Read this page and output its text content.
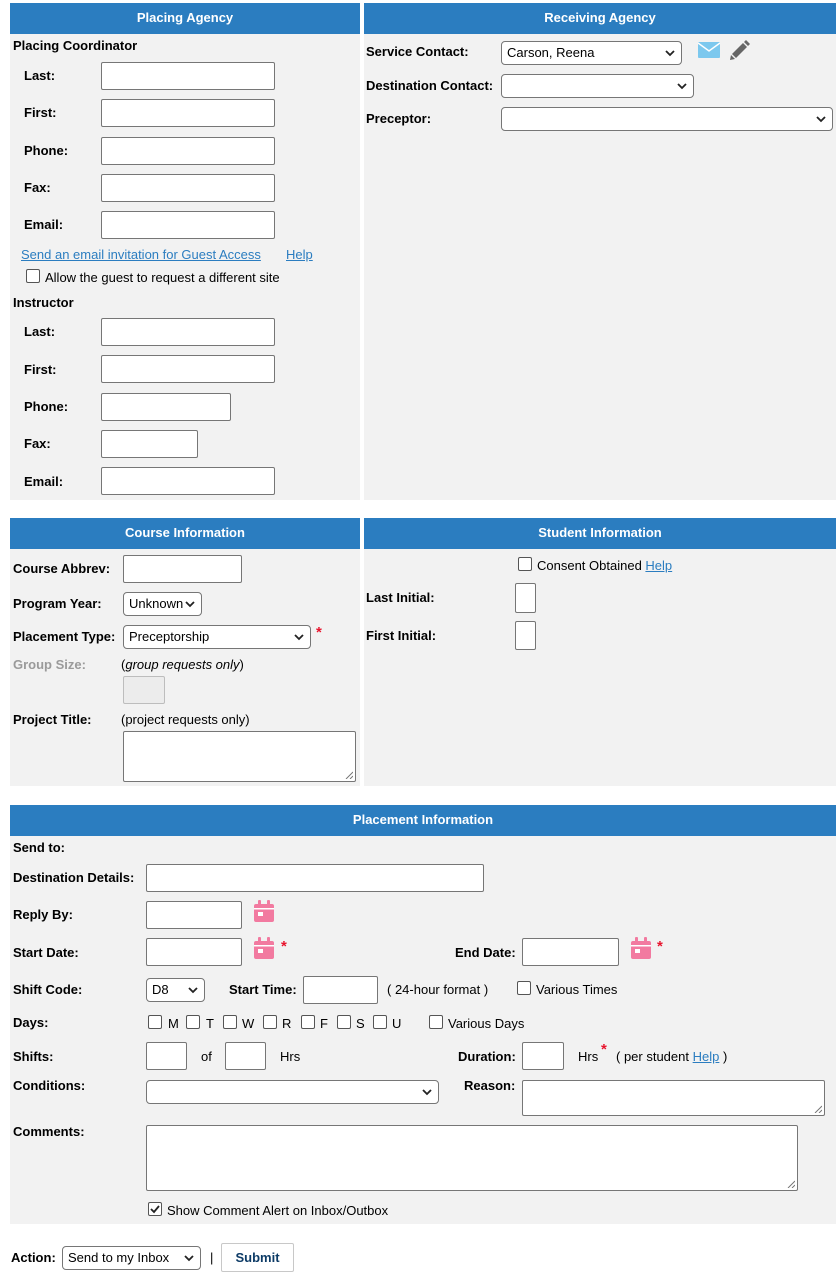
Placing Agency
Placing Coordinator
Last:
First:
Phone:
Fax:
Email:
Send an email invitation for Guest Access Help
Allow the guest to request a different site
Instructor
Last:
First:
Phone:
Fax:
Email:
Receiving Agency
Service Contact:	Carson, Reena
Destination Contact:
Preceptor:
Course Information
Course Abbrev:
Program Year:	Unknown
Placement Type:	Preceptorship	*
Group Size:	(group requests only)
Project Title: (project requests only)
Student Information
Consent Obtained Help
Last Initial:
First Initial:
Placement Information
Send to:
Destination Details:
Reply By:
Start Date:	*	End Date:	*
Shift Code:	D8	Start Time:	( 24-hour format )	Various Times
Days:	M T W R F S U	Various Days
Shifts:	of	Hrs	Duration:	Hrs * ( per student Help )
Conditions:	Reason:
Comments:
Show Comment Alert on Inbox/Outbox
Action: Send to my Inbox	|	Submit
